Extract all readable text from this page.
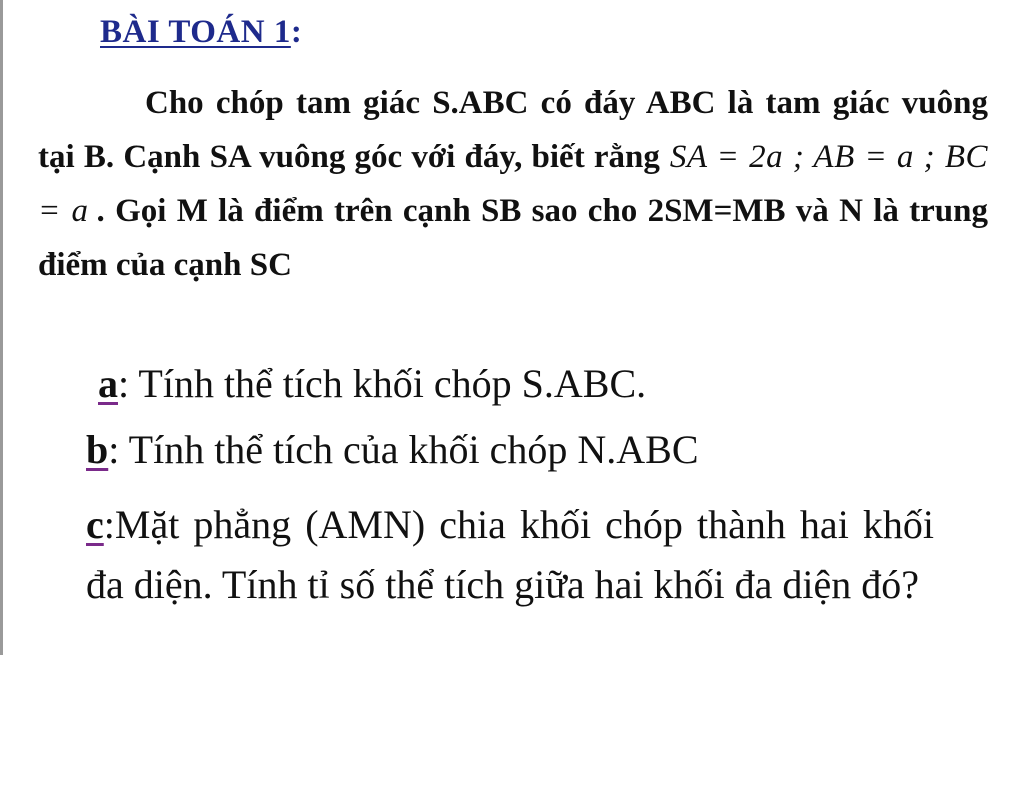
BÀI TOÁN 1:

Cho chóp tam giác S.ABC có đáy ABC là tam giác vuông tại B. Cạnh SA vuông góc với đáy, biết rằng SA = 2a ; AB = a ; BC = a . Gọi M là điểm trên cạnh SB sao cho 2SM=MB và N là trung điểm của cạnh SC

a: Tính thể tích khối chóp S.ABC.
b: Tính thể tích của khối chóp N.ABC
c:Mặt phẳng (AMN) chia khối chóp thành hai khối đa diện. Tính tỉ số thể tích giữa hai khối đa diện đó?
